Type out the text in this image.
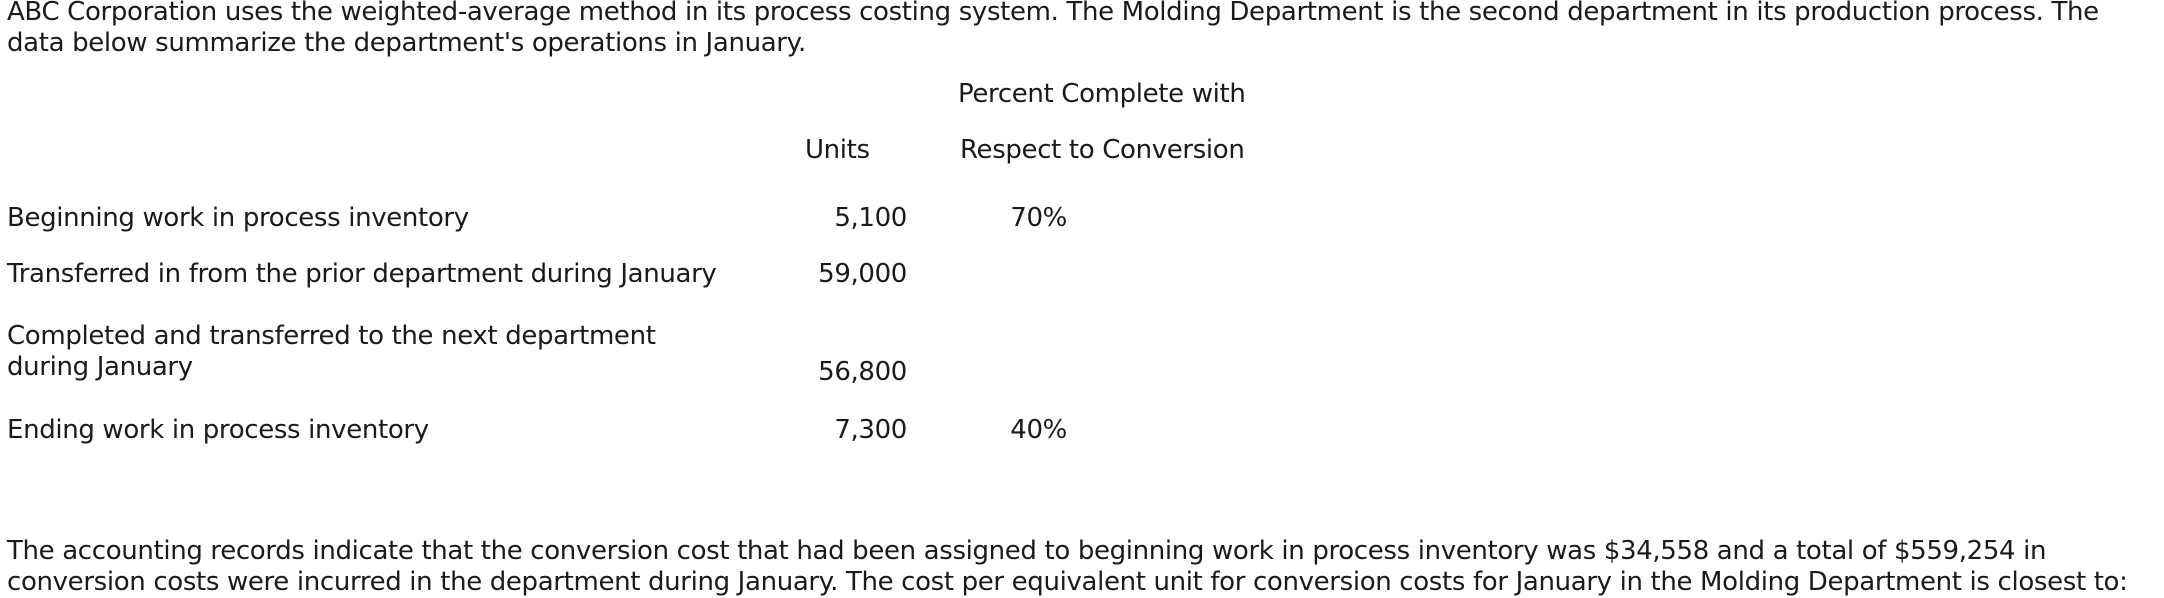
ABC Corporation uses the weighted-average method in its process costing system. The Molding Department is the second department in its production process. The data below summarize the department's operations in January.

Percent Complete with
Respect to Conversion
Units

Beginning work in process inventory	5,100		70%	
Transferred in from the prior department during January	59,000			
Completed and transferred to the next department during January	56,800			
Ending work in process inventory	7,300		40%	

The accounting records indicate that the conversion cost that had been assigned to beginning work in process inventory was $34,558 and a total of $559,254 in conversion costs were incurred in the department during January. The cost per equivalent unit for conversion costs for January in the Molding Department is closest to:
